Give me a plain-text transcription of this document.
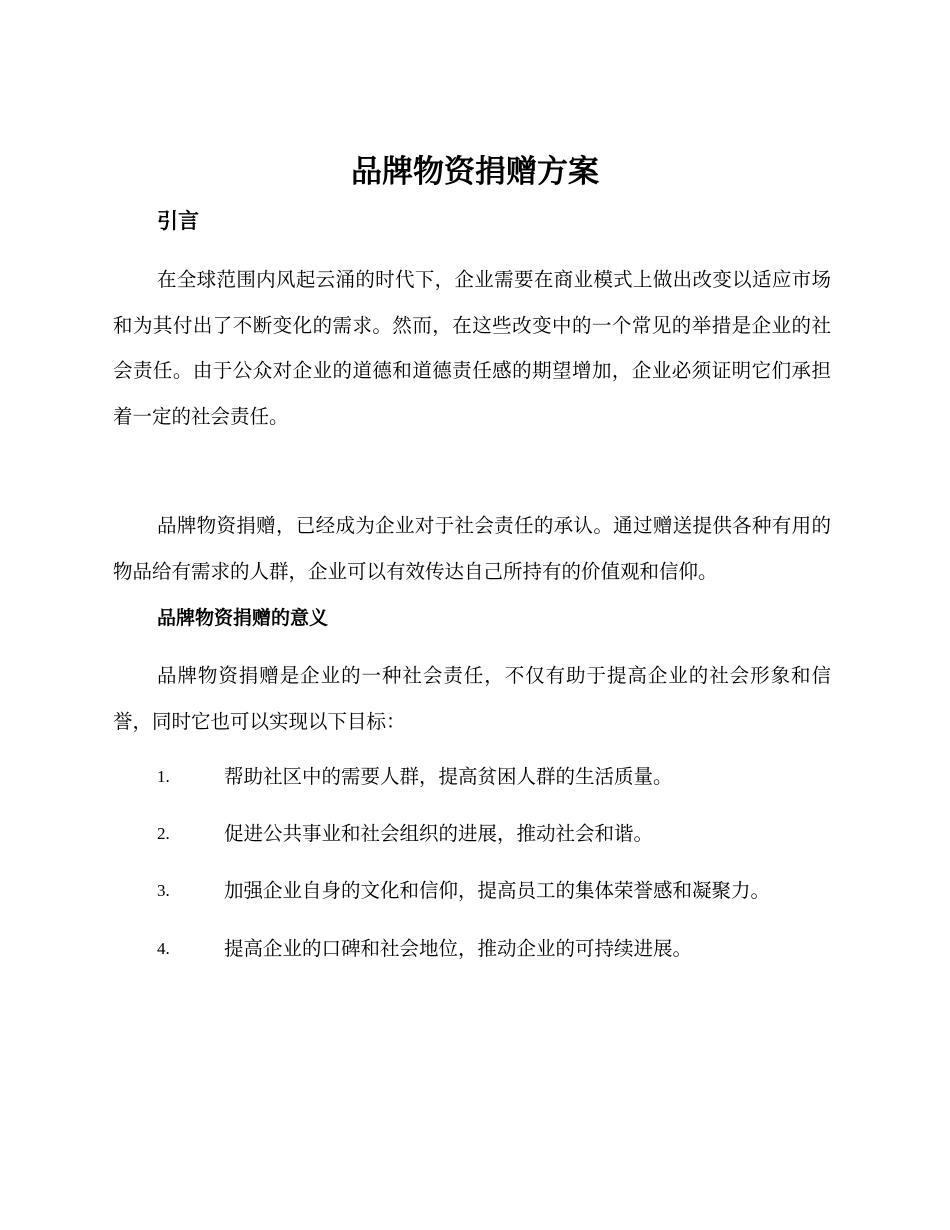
品牌物资捐赠方案
引言

在全球范围内风起云涌的时代下，企业需要在商业模式上做出改变以适应市场和为其付出了不断变化的需求。然而，在这些改变中的一个常见的举措是企业的社会责任。由于公众对企业的道德和道德责任感的期望增加，企业必须证明它们承担着一定的社会责任。

品牌物资捐赠，已经成为企业对于社会责任的承认。通过赠送提供各种有用的物品给有需求的人群，企业可以有效传达自己所持有的价值观和信仰。

品牌物资捐赠的意义

品牌物资捐赠是企业的一种社会责任，不仅有助于提高企业的社会形象和信誉，同时它也可以实现以下目标：

1.	帮助社区中的需要人群，提高贫困人群的生活质量。
2.	促进公共事业和社会组织的进展，推动社会和谐。
3.	加强企业自身的文化和信仰，提高员工的集体荣誉感和凝聚力。
4.	提高企业的口碑和社会地位，推动企业的可持续进展。
